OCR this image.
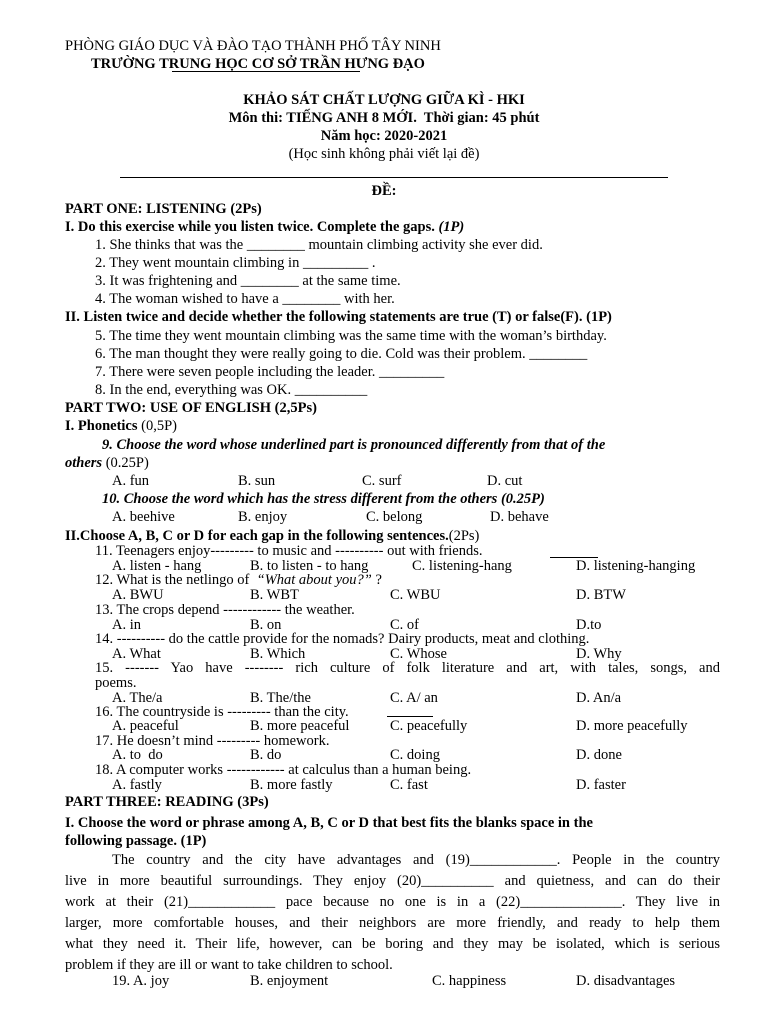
PHÒNG GIÁO DỤC VÀ ĐÀO TẠO THÀNH PHỐ TÂY NINH
TRƯỜNG TRUNG HỌC CƠ SỞ TRẦN HƯNG ĐẠO
KHẢO SÁT CHẤT LƯỢNG GIỮA KÌ - HKI
Môn thi: TIẾNG ANH 8 MỚI.  Thời gian: 45 phút
Năm học: 2020-2021
(Học sinh không phải viết lại đề)
ĐỀ:
PART ONE: LISTENING (2Ps)
I. Do this exercise while you listen twice. Complete the gaps. (1P)
1. She thinks that was the ________ mountain climbing activity she ever did.
2. They went mountain climbing in _________ .
3. It was frightening and ________ at the same time.
4. The woman wished to have a ________ with her.
II. Listen twice and decide whether the following statements are true (T) or false(F). (1P)
5. The time they went mountain climbing was the same time with the woman’s birthday.
6. The man thought they were really going to die. Cold was their problem. ________
7. There were seven people including the leader. _________
8. In the end, everything was OK. __________
PART TWO: USE OF ENGLISH (2,5Ps)
I. Phonetics (0,5P)
9. Choose the word whose underlined part is pronounced differently from that of the
others (0.25P)
A. fun	B. sun	C. surf	D. cut
10. Choose the word which has the stress different from the others (0.25P)
A. beehive	B. enjoy	C. belong	D. behave
II.Choose A, B, C or D for each gap in the following sentences.(2Ps)
11. Teenagers enjoy--------- to music and ---------- out with friends.
A. listen - hang	B. to listen - to hang	C. listening-hang	D. listening-hanging
12. What is the netlingo of “What about you?” ?
A. BWU	B. WBT	C. WBU	D. BTW
13. The crops depend ------------ the weather.
A. in	B. on	C. of	D.to
14. ---------- do the cattle provide for the nomads? Dairy products, meat and clothing.
A. What	B. Which	C. Whose	D. Why
15. ------- Yao have -------- rich culture of folk literature and art, with tales, songs, and
poems.
A. The/a	B. The/the	C. A/ an	D. An/a
16. The countryside is --------- than the city.
A. peaceful	B. more peaceful	C. peacefully	D. more peacefully
17. He doesn’t mind --------- homework.
A. to  do	B. do	C. doing	D. done
18. A computer works ------------ at calculus than a human being.
A. fastly	B. more fastly	C. fast	D. faster
PART THREE: READING (3Ps)
I. Choose the word or phrase among A, B, C or D that best fits the blanks space in the
following passage. (1P)
The country and the city have advantages and (19)____________. People in the country
live in more beautiful surroundings. They enjoy (20)__________ and quietness, and can do their
work at their (21)____________ pace because no one is in a (22)______________. They live in
larger, more comfortable houses, and their neighbors are more friendly, and ready to help them
what they need it. Their life, however, can be boring and they may be isolated, which is serious
problem if they are ill or want to take children to school.
19. A. joy	B. enjoyment	C. happiness	D. disadvantages
